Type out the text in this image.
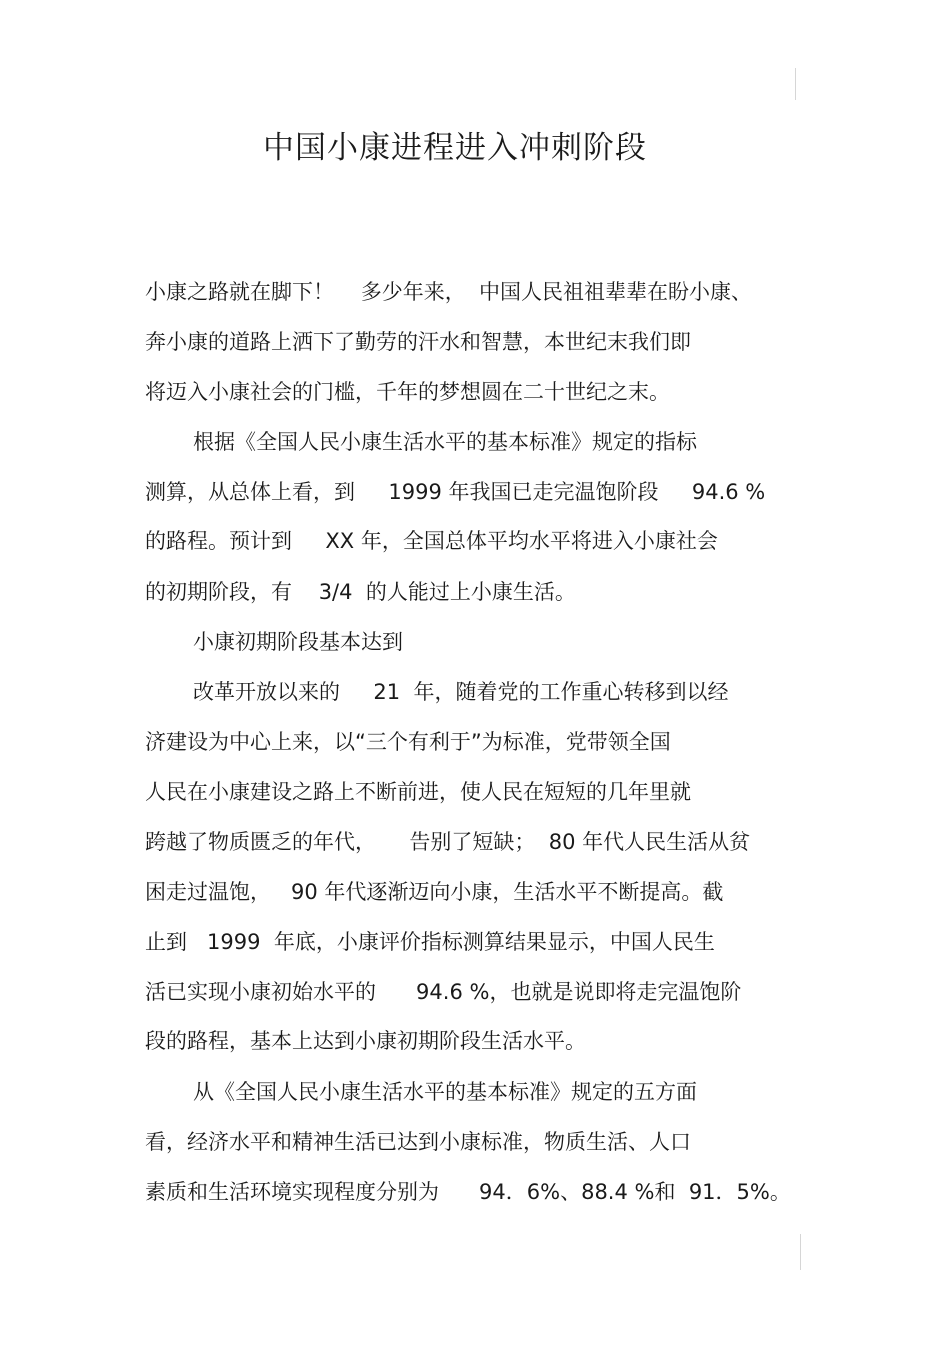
中国小康进程进入冲刺阶段
小康之路就在脚下！    多少年来，  中国人民祖祖辈辈在盼小康、
奔小康的道路上洒下了勤劳的汗水和智慧，本世纪末我们即
将迈入小康社会的门槛，千年的梦想圆在二十世纪之末。
根据《全国人民小康生活水平的基本标准》规定的指标
测算，从总体上看，到     1999 年我国已走完温饱阶段     94.6 %
的路程。预计到     XX 年，全国总体平均水平将进入小康社会
的初期阶段，有    3/4  的人能过上小康生活。
小康初期阶段基本达到
改革开放以来的     21  年，随着党的工作重心转移到以经
济建设为中心上来，以“三个有利于”为标准，党带领全国
人民在小康建设之路上不断前进，使人民在短短的几年里就
跨越了物质匮乏的年代，     告别了短缺；  80 年代人民生活从贫
困走过温饱，   90 年代逐渐迈向小康，生活水平不断提高。截
止到   1999  年底，小康评价指标测算结果显示，中国人民生
活已实现小康初始水平的      94.6 %，也就是说即将走完温饱阶
段的路程，基本上达到小康初期阶段生活水平。
从《全国人民小康生活水平的基本标准》规定的五方面
看，经济水平和精神生活已达到小康标准，物质生活、人口
素质和生活环境实现程度分别为      94．6%、88.4 %和  91．5%。
